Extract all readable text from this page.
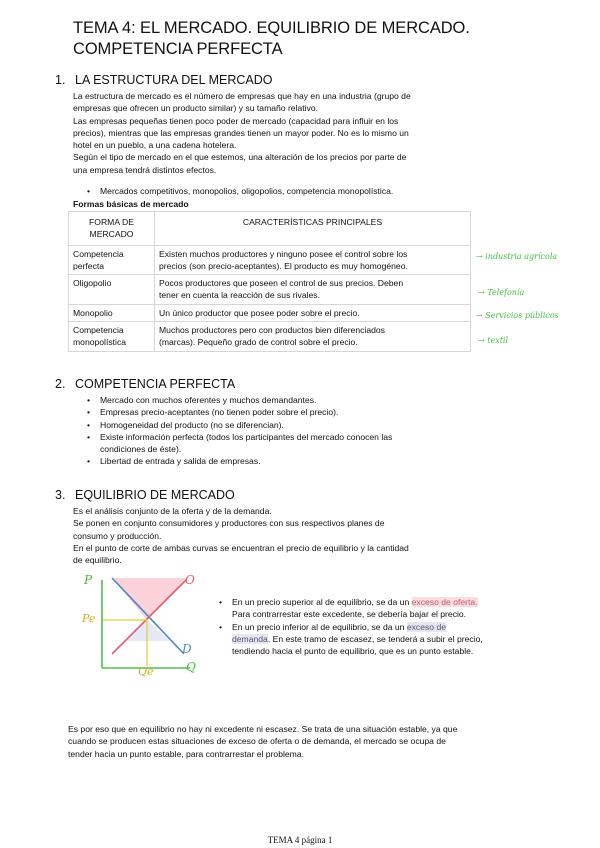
TEMA 4: EL MERCADO. EQUILIBRIO DE MERCADO.
COMPETENCIA PERFECTA
1. LA ESTRUCTURA DEL MERCADO

La estructura de mercado es el número de empresas que hay en una industria (grupo de

empresas que ofrecen un producto similar) y su tamaño relativo.

Las empresas pequeñas tienen poco poder de mercado (capacidad para influir en los

precios), mientras que las empresas grandes tienen un mayor poder. No es lo mismo un

hotel en un pueblo, a una cadena hotelera.

Según el tipo de mercado en el que estemos, una alteración de los precios por parte de

una empresa tendrá distintos efectos.

• Mercados competitivos, monopolios, oligopolios, competencia monopolística.
Formas básicas de mercado
FORMA DE
MERCADO	CARACTERÍSTICAS PRINCIPALES
Competencia
perfecta	Existen muchos productores y ninguno posee el control sobre los
precios (son precio-aceptantes). El producto es muy homogéneo.
Oligopolio	Pocos productores que poseen el control de sus precios. Deben
tener en cuenta la reacción de sus rivales.
Monopolio	Un único productor que posee poder sobre el precio.
Competencia
monopolística	Muchos productores pero con productos bien diferenciados
(marcas). Pequeño grado de control sobre el precio.
→ industria agrícola
→ Telefonía
→ Servicios públicos
→ textil
2. COMPETENCIA PERFECTA
• Mercado con muchos oferentes y muchos demandantes.
• Empresas precio-aceptantes (no tienen poder sobre el precio).
• Homogeneidad del producto (no se diferencian).
• Existe información perfecta (todos los participantes del mercado conocen las
condiciones de éste).
• Libertad de entrada y salida de empresas.
3. EQUILIBRIO DE MERCADO

Es el análisis conjunto de la oferta y de la demanda.

Se ponen en conjunto consumidores y productores con sus respectivos planes de

consumo y producción.

En el punto de corte de ambas curvas se encuentran el precio de equilibrio y la cantidad

de equilibrio.

P	O
Pe
D
Qe	Q
• En un precio superior al de equilibrio, se da un exceso de oferta.
Para contrarrestar este excedente, se debería bajar el precio.
• En un precio inferior al de equilibrio, se da un exceso de
demanda. En este tramo de escasez, se tenderá a subir el precio,
tendiendo hacia el punto de equilibrio, que es un punto estable.

Es por eso que en equilibrio no hay ni excedente ni escasez. Se trata de una situación estable, ya que

cuando se producen estas situaciones de exceso de oferta o de demanda, el mercado se ocupa de

tender hacia un punto estable, para contrarrestar el problema.

TEMA 4 página 1
